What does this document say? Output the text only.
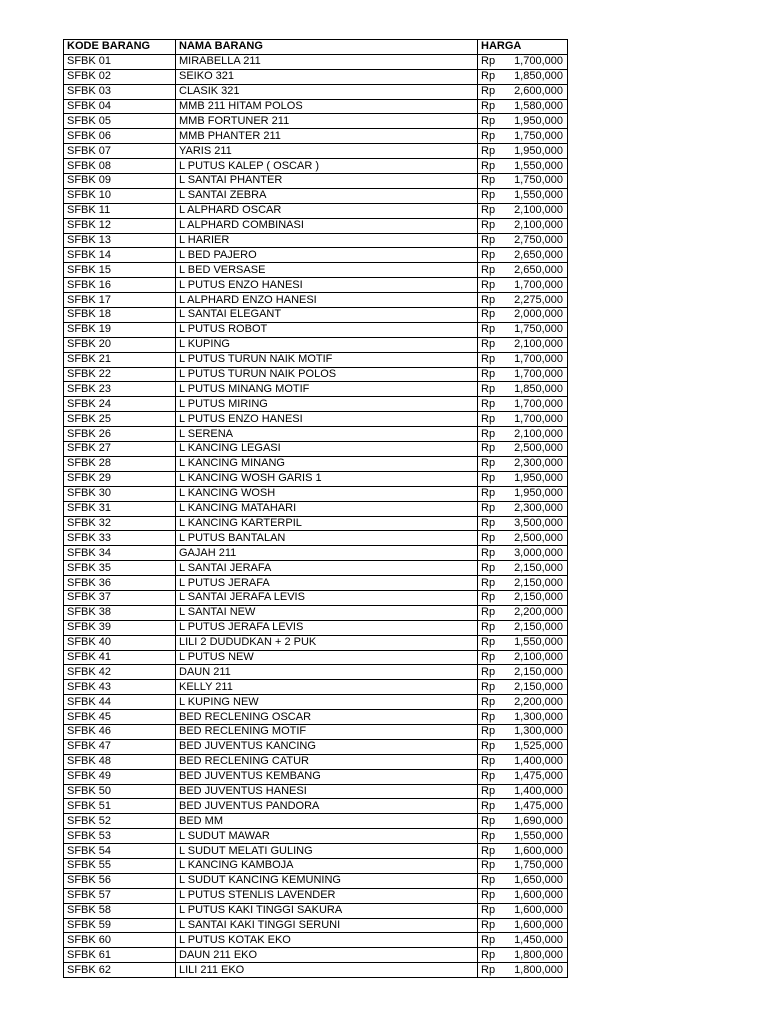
KODE BARANG	NAMA BARANG	HARGA
SFBK 01	MIRABELLA 211	Rp 1,700,000

SFBK 02	SEIKO 321	Rp 1,850,000

SFBK 03	CLASIK 321	Rp 2,600,000

SFBK 04	MMB 211 HITAM POLOS	Rp 1,580,000

SFBK 05	MMB FORTUNER 211	Rp 1,950,000

SFBK 06	MMB PHANTER 211	Rp 1,750,000

SFBK 07	YARIS 211	Rp 1,950,000

SFBK 08	L PUTUS KALEP ( OSCAR )	Rp 1,550,000

SFBK 09	L SANTAI PHANTER	Rp 1,750,000

SFBK 10	L SANTAI ZEBRA	Rp 1,550,000

SFBK 11	L ALPHARD OSCAR	Rp 2,100,000

SFBK 12	L ALPHARD COMBINASI	Rp 2,100,000

SFBK 13	L HARIER	Rp 2,750,000

SFBK 14	L BED PAJERO	Rp 2,650,000

SFBK 15	L BED VERSASE	Rp 2,650,000

SFBK 16	L PUTUS ENZO HANESI	Rp 1,700,000

SFBK 17	L ALPHARD ENZO HANESI	Rp 2,275,000

SFBK 18	L SANTAI ELEGANT	Rp 2,000,000

SFBK 19	L PUTUS ROBOT	Rp 1,750,000

SFBK 20	L KUPING	Rp 2,100,000

SFBK 21	L PUTUS TURUN NAIK MOTIF	Rp 1,700,000

SFBK 22	L PUTUS TURUN NAIK POLOS	Rp 1,700,000

SFBK 23	L PUTUS MINANG MOTIF	Rp 1,850,000

SFBK 24	L PUTUS MIRING	Rp 1,700,000

SFBK 25	L PUTUS ENZO HANESI	Rp 1,700,000

SFBK 26	L SERENA	Rp 2,100,000

SFBK 27	L KANCING LEGASI	Rp 2,500,000

SFBK 28	L KANCING MINANG	Rp 2,300,000

SFBK 29	L KANCING WOSH GARIS 1	Rp 1,950,000

SFBK 30	L KANCING WOSH	Rp 1,950,000

SFBK 31	L KANCING MATAHARI	Rp 2,300,000

SFBK 32	L KANCING KARTERPIL	Rp 3,500,000

SFBK 33	L PUTUS BANTALAN	Rp 2,500,000

SFBK 34	GAJAH 211	Rp 3,000,000

SFBK 35	L SANTAI JERAFA	Rp 2,150,000

SFBK 36	L PUTUS JERAFA	Rp 2,150,000

SFBK 37	L SANTAI JERAFA LEVIS	Rp 2,150,000

SFBK 38	L SANTAI NEW	Rp 2,200,000

SFBK 39	L PUTUS JERAFA LEVIS	Rp 2,150,000

SFBK 40	LILI 2 DUDUDKAN + 2 PUK	Rp 1,550,000

SFBK 41	L PUTUS NEW	Rp 2,100,000

SFBK 42	DAUN 211	Rp 2,150,000

SFBK 43	KELLY 211	Rp 2,150,000

SFBK 44	L KUPING NEW	Rp 2,200,000

SFBK 45	BED RECLENING OSCAR	Rp 1,300,000

SFBK 46	BED RECLENING MOTIF	Rp 1,300,000

SFBK 47	BED JUVENTUS KANCING	Rp 1,525,000

SFBK 48	BED RECLENING CATUR	Rp 1,400,000

SFBK 49	BED JUVENTUS KEMBANG	Rp 1,475,000

SFBK 50	BED JUVENTUS HANESI	Rp 1,400,000

SFBK 51	BED JUVENTUS PANDORA	Rp 1,475,000

SFBK 52	BED MM	Rp 1,690,000

SFBK 53	L SUDUT MAWAR	Rp 1,550,000

SFBK 54	L SUDUT MELATI GULING	Rp 1,600,000

SFBK 55	L KANCING KAMBOJA	Rp 1,750,000

SFBK 56	L SUDUT KANCING KEMUNING	Rp 1,650,000

SFBK 57	L PUTUS STENLIS LAVENDER	Rp 1,600,000

SFBK 58	L PUTUS KAKI TINGGI SAKURA	Rp 1,600,000

SFBK 59	L SANTAI KAKI TINGGI SERUNI	Rp 1,600,000

SFBK 60	L PUTUS KOTAK EKO	Rp 1,450,000

SFBK 61	DAUN 211 EKO	Rp 1,800,000

SFBK 62	LILI 211 EKO	Rp 1,800,000
